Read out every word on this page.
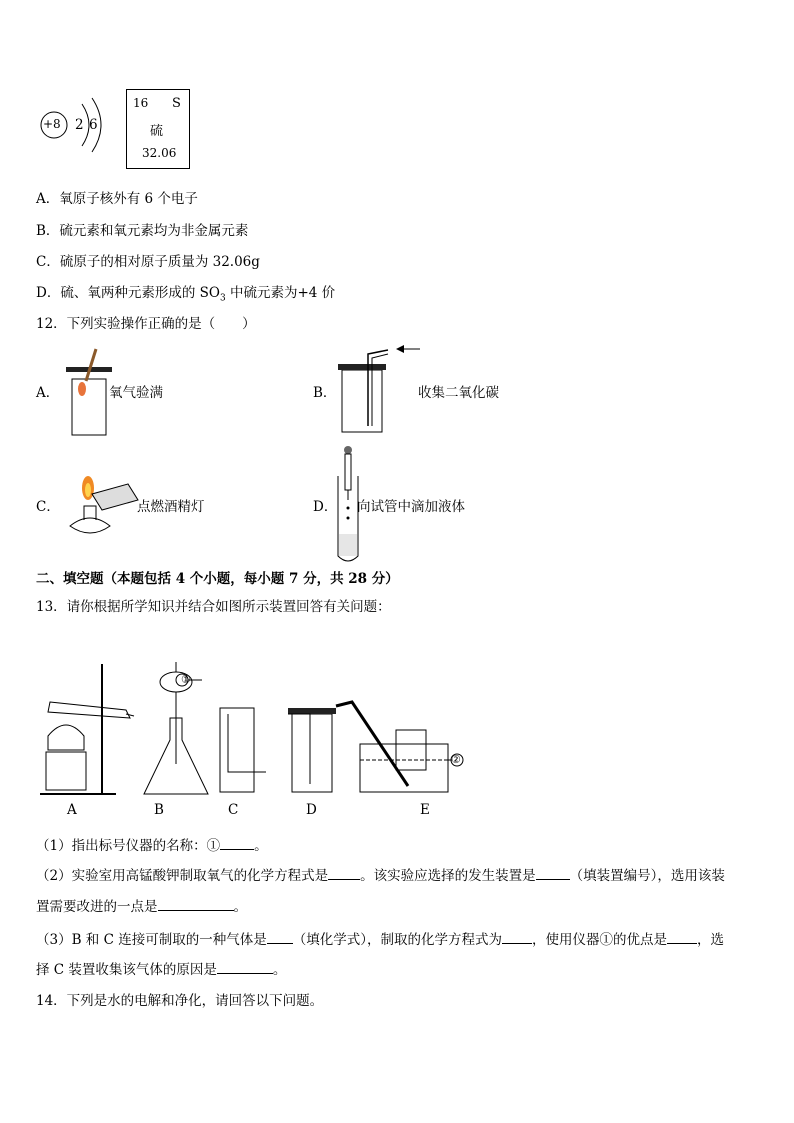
+8 2 6
16 S
硫
32.06
A．氧原子核外有 6 个电子
B．硫元素和氧元素均为非金属元素
C．硫原子的相对原子质量为 32.06g
D．硫、氧两种元素形成的 $SO_3$ 中硫元素为+4 价
12．下列实验操作正确的是（　　）
A．	氧气验满	B．	收集二氧化碳
C．	点燃酒精灯	D． 向试管中滴加液体
二、填空题（本题包括 4 个小题，每小题 7 分，共 28 分）
13．请你根据所学知识并结合如图所示装置回答有关问题：
①
②
A	B	C	D	E
（1）指出标号仪器的名称：①	。
（2）实验室用高锰酸钾制取氧气的化学方程式是 。该实验应选择的发生装置是	（填装置编号），选用该装
置需要改进的一点是	。
（3）B 和 C 连接可制取的一种气体是 （填化学式），制取的化学方程式为 ，使用仪器①的优点是 ，选
择 C 装置收集该气体的原因是	。
14．下列是水的电解和净化，请回答以下问题。
